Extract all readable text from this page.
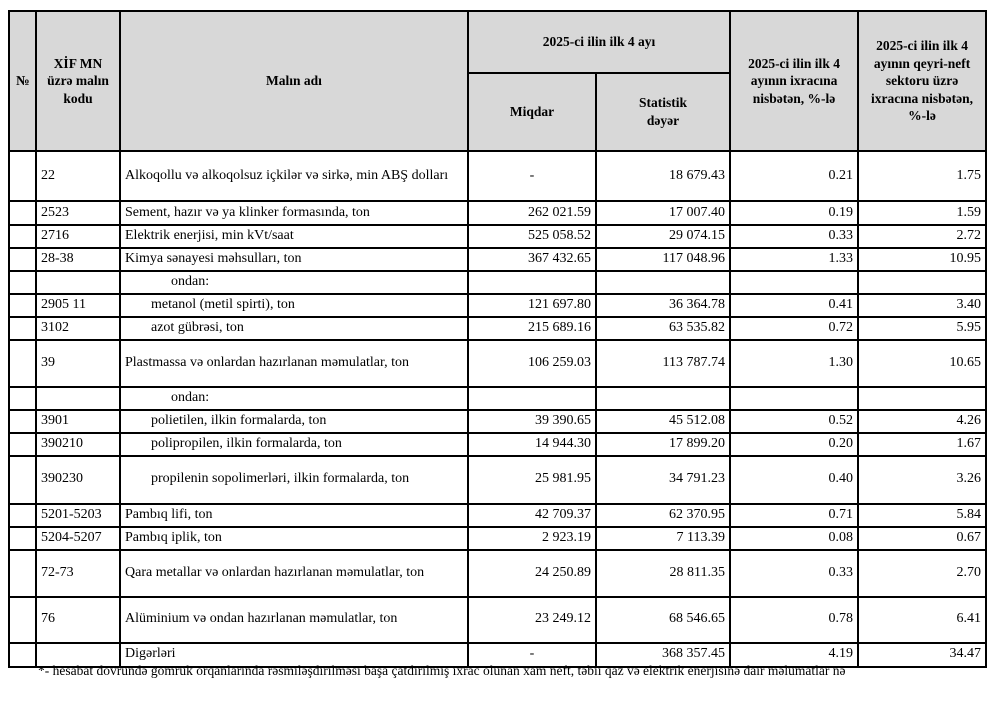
№	XİF MN üzrə malın kodu	Malın adı	2025-ci ilin ilk 4 ayı		2025-ci ilin ilk 4 ayının ixracına nisbətən, %-lə	2025-ci ilin ilk 4 ayının qeyri-neft sektoru üzrə ixracına nisbətən, %-lə
			Miqdar	Statistik dəyər		
	22	Alkoqollu və alkoqolsuz içkilər və sirkə, min ABŞ dolları	-	18 679.43	0.21	1.75
	2523	Sement, hazır və ya klinker formasında, ton	262 021.59	17 007.40	0.19	1.59
	2716	Elektrik enerjisi, min kVt/saat	525 058.52	29 074.15	0.33	2.72
	28-38	Kimya sənayesi məhsulları, ton	367 432.65	117 048.96	1.33	10.95
		ondan:				
	2905 11	metanol (metil spirti), ton	121 697.80	36 364.78	0.41	3.40
	3102	azot gübrəsi, ton	215 689.16	63 535.82	0.72	5.95
	39	Plastmassa və onlardan hazırlanan məmulatlar, ton	106 259.03	113 787.74	1.30	10.65
		ondan:				
	3901	polietilen, ilkin formalarda, ton	39 390.65	45 512.08	0.52	4.26
	390210	polipropilen, ilkin formalarda, ton	14 944.30	17 899.20	0.20	1.67
	390230	propilenin sopolimerləri, ilkin formalarda, ton	25 981.95	34 791.23	0.40	3.26
	5201-5203	Pambıq lifi, ton	42 709.37	62 370.95	0.71	5.84
	5204-5207	Pambıq iplik, ton	2 923.19	7 113.39	0.08	0.67
	72-73	Qara metallar və onlardan hazırlanan məmulatlar, ton	24 250.89	28 811.35	0.33	2.70
	76	Alüminium və ondan hazırlanan məmulatlar, ton	23 249.12	68 546.65	0.78	6.41
		Digərləri	-	368 357.45	4.19	34.47
*- hesabat dövründə gömrük orqanlarında rəsmiləşdirilməsi başa çatdırılmış ixrac olunan xam neft, təbii qaz və elektrik enerjisinə dair məlumatlar nə
